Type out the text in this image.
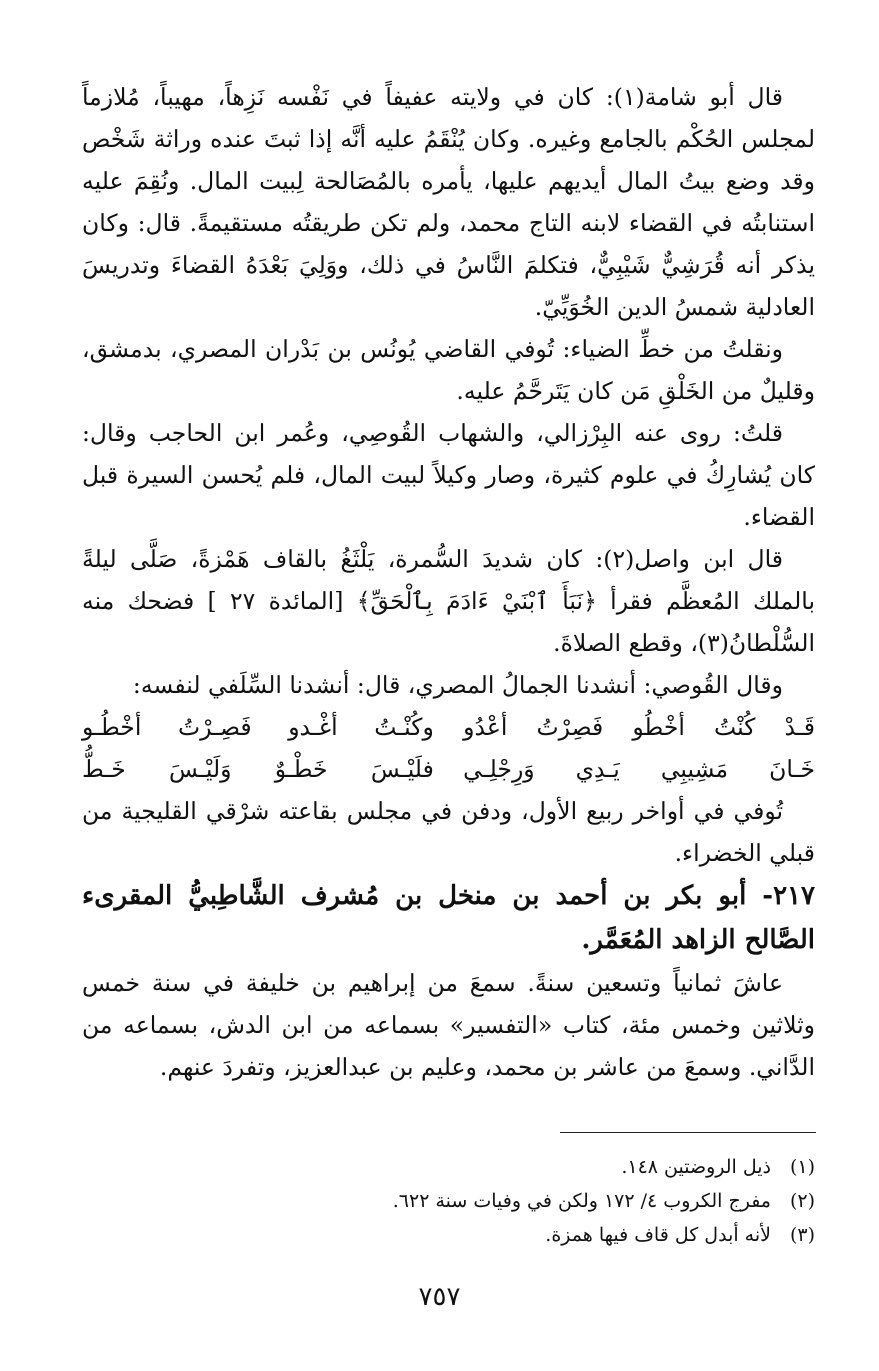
قال أبو شامة(١): كان في ولايته عفيفاً في نَفْسه نَزِهاً، مهيباً، مُلازماً لمجلس الحُكْم بالجامع وغيره. وكان يُنْقَمُ عليه أنَّه إذا ثبتَ عنده وراثة شَخْص وقد وضع بيتُ المال أيديهم عليها، يأمره بالمُصَالحة لِبيت المال. ونُقِمَ عليه استنابتُه في القضاء لابنه التاج محمد، ولم تكن طريقتُه مستقيمةً. قال: وكان يذكر أنه قُرَشِيٌّ شَيْبِيٌّ، فتكلمَ النَّاسُ في ذلك، ووَلِيَ بَعْدَهُ القضاءَ وتدريسَ العادلية شمسُ الدين الخُوَيِّيّ.

ونقلتُ من خطِّ الضياء: تُوفي القاضي يُونُس بن بَدْران المصري، بدمشق، وقليلٌ من الخَلْقِ مَن كان يَتَرحَّمُ عليه.

قلتُ: روى عنه البِرْزالي، والشهاب القُوصِي، وعُمر ابن الحاجب وقال: كان يُشارِكُ في علوم كثيرة، وصار وكيلاً لبيت المال، فلم يُحسن السيرة قبل القضاء.

قال ابن واصل(٢): كان شديدَ السُّمرة، يَلْثَغُ بالقاف هَمْزةً، صَلَّى ليلةً بالملك المُعظَّم فقرأ ﴿نَبَأَ ٱبْنَيْ ءَادَمَ بِٱلْحَقِّ﴾ [المائدة ٢٧ ] فضحك منه السُّلْطانُ(٣)، وقطع الصلاةَ.

وقال القُوصي: أنشدنا الجمالُ المصري، قال: أنشدنا السِّلَفي لنفسه:

قَـدْ كُنْتُ أخْطُو فَصِرْتُ أعْدُو
وكُنْـتُ أغْـدو فَصِـرْتُ أخْطُـو
خَـانَ مَشِيبِي يَـدِي وَرِجْلِـي
فلَيْـسَ خَطْـوٌ وَلَيْـسَ خَـطُّ

تُوفي في أواخر ربيع الأول، ودفن في مجلس بقاعته شرْقي القليجية من قبلي الخضراء.

٢١٧- أبو بكر بن أحمد بن منخل بن مُشرف الشَّاطِبيُّ المقرىء الصَّالح الزاهد المُعَمَّر.

عاشَ ثمانياً وتسعين سنةً. سمعَ من إبراهيم بن خليفة في سنة خمس وثلاثين وخمس مئة، كتاب «التفسير» بسماعه من ابن الدش، بسماعه من الدَّاني. وسمعَ من عاشر بن محمد، وعليم بن عبدالعزيز، وتفردَ عنهم.

(١)
ذيل الروضتين ١٤٨.
(٢)
مفرج الكروب ٤/ ١٧٢ ولكن في وفيات سنة ٦٢٢.
(٣)
لأنه أبدل كل قاف فيها همزة.
٧٥٧
